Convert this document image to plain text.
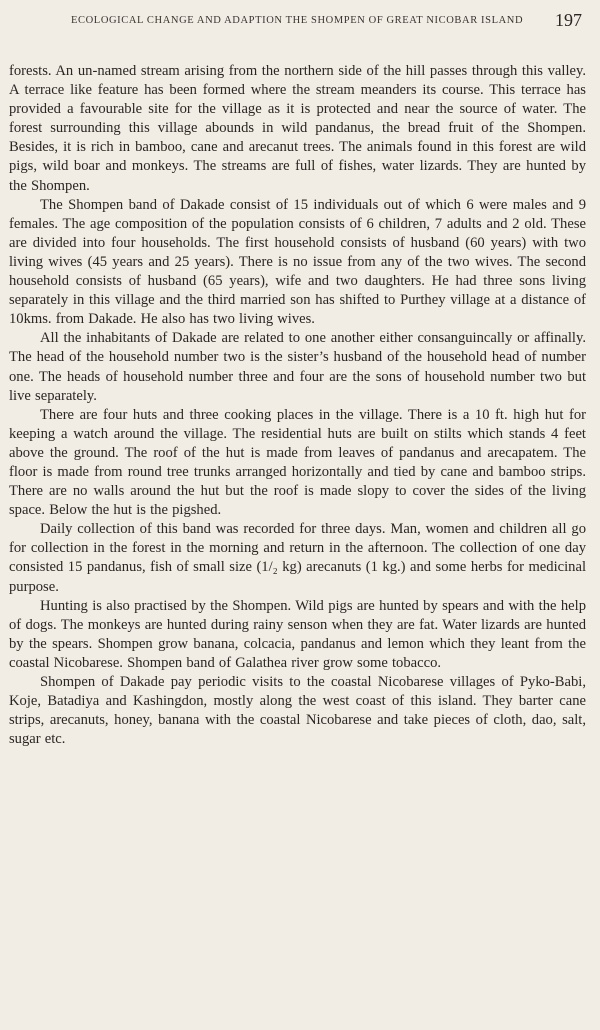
ECOLOGICAL CHANGE AND ADAPTION THE SHOMPEN OF GREAT NICOBAR ISLAND 197

forests. An un-named stream arising from the northern side of the hill passes through this valley. A terrace like feature has been formed where the stream meanders its course. This terrace has provided a favourable site for the village as it is protected and near the source of water. The forest surrounding this village abounds in wild pandanus, the bread fruit of the Shompen. Besides, it is rich in bamboo, cane and arecanut trees. The animals found in this forest are wild pigs, wild boar and monkeys. The streams are full of fishes, water lizards. They are hunted by the Shompen.

The Shompen band of Dakade consist of 15 individuals out of which 6 were males and 9 females. The age composition of the population consists of 6 children, 7 adults and 2 old. These are divided into four households. The first household consists of husband (60 years) with two living wives (45 years and 25 years). There is no issue from any of the two wives. The second household consists of husband (65 years), wife and two daughters. He had three sons living separately in this village and the third married son has shifted to Purthey village at a distance of 10kms. from Dakade. He also has two living wives.

All the inhabitants of Dakade are related to one another either consanguincally or affinally. The head of the household number two is the sister’s husband of the household head of number one. The heads of household number three and four are the sons of household number two but live separately.

There are four huts and three cooking places in the village. There is a 10 ft. high hut for keeping a watch around the village. The residential huts are built on stilts which stands 4 feet above the ground. The roof of the hut is made from leaves of pandanus and arecapatem. The floor is made from round tree trunks arranged horizontally and tied by cane and bamboo strips. There are no walls around the hut but the roof is made slopy to cover the sides of the living space. Below the hut is the pigshed.

Daily collection of this band was recorded for three days. Man, women and children all go for collection in the forest in the morning and return in the afternoon. The collection of one day consisted 15 pandanus, fish of small size (1/₂ kg) arecanuts (1 kg.) and some herbs for medicinal purpose.

Hunting is also practised by the Shompen. Wild pigs are hunted by spears and with the help of dogs. The monkeys are hunted during rainy senson when they are fat. Water lizards are hunted by the spears. Shompen grow banana, colcacia, pandanus and lemon which they leant from the coastal Nicobarese. Shompen band of Galathea river grow some tobacco.

Shompen of Dakade pay periodic visits to the coastal Nicobarese villages of Pyko-Babi, Koje, Batadiya and Kashingdon, mostly along the west coast of this island. They barter cane strips, arecanuts, honey, banana with the coastal Nicobarese and take pieces of cloth, dao, salt, sugar etc.
